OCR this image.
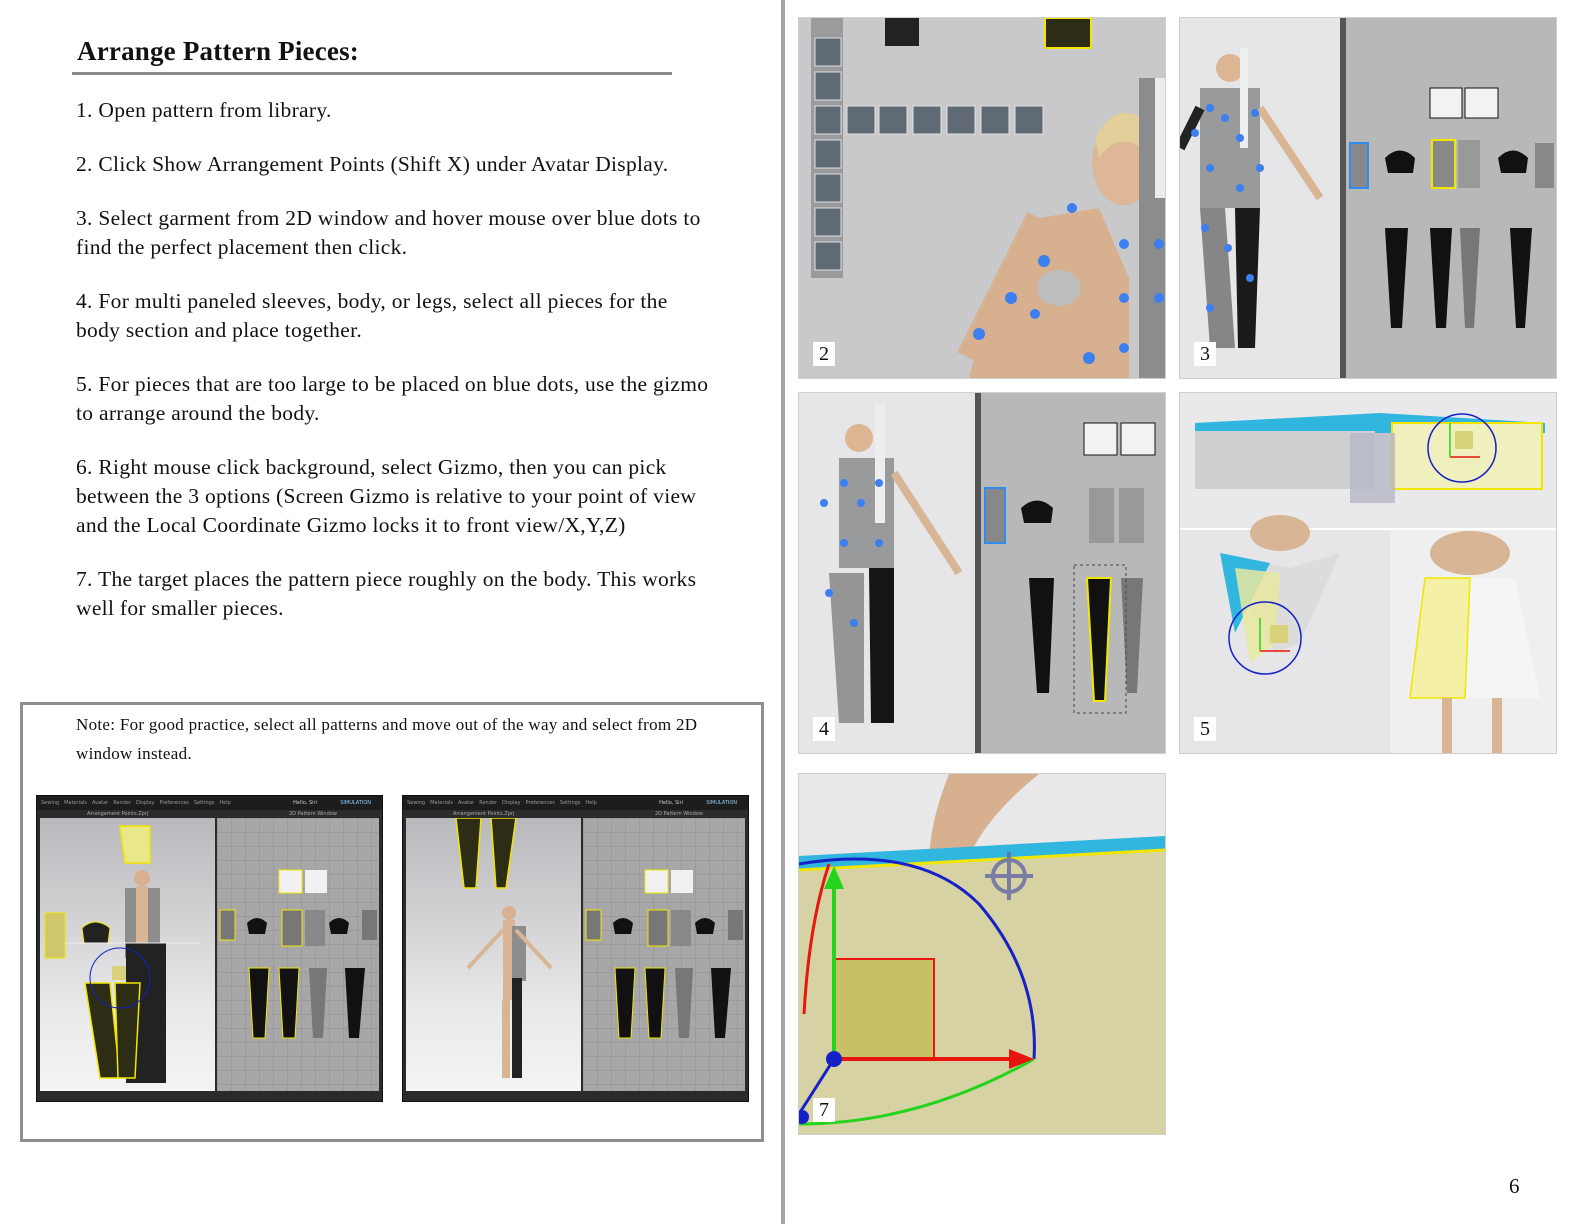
Arrange Pattern Pieces:

1. Open pattern from library.

2. Click Show Arrangement Points (Shift X) under Avatar Display.

3. Select garment from 2D window and hover mouse over blue dots to find the perfect placement then click.

4. For multi paneled sleeves, body, or legs, select all pieces for the body section and place together.

5. For pieces that are too large to be placed on blue dots, use the gizmo to arrange around the body.

6. Right mouse click background, select Gizmo, then you can pick between the 3 options (Screen Gizmo is relative to your point of view and the Local Coordinate Gizmo locks it to front view/X,Y,Z)

7. The target places the pattern piece roughly on the body. This works well for smaller pieces.

Note: For good practice, select all patterns and move out of the way and select from 2D window instead.
Sewing Materials Avatar Render Display Preferences Settings Help	Hello, Siri	SIMULATION
Arrangement Points.Zprj	2D Pattern Window
Sewing Materials Avatar Render Display Preferences Settings Help	Hello, Siri	SIMULATION
Arrangement Points.Zprj	2D Pattern Window
2	3
4	5
7
6
